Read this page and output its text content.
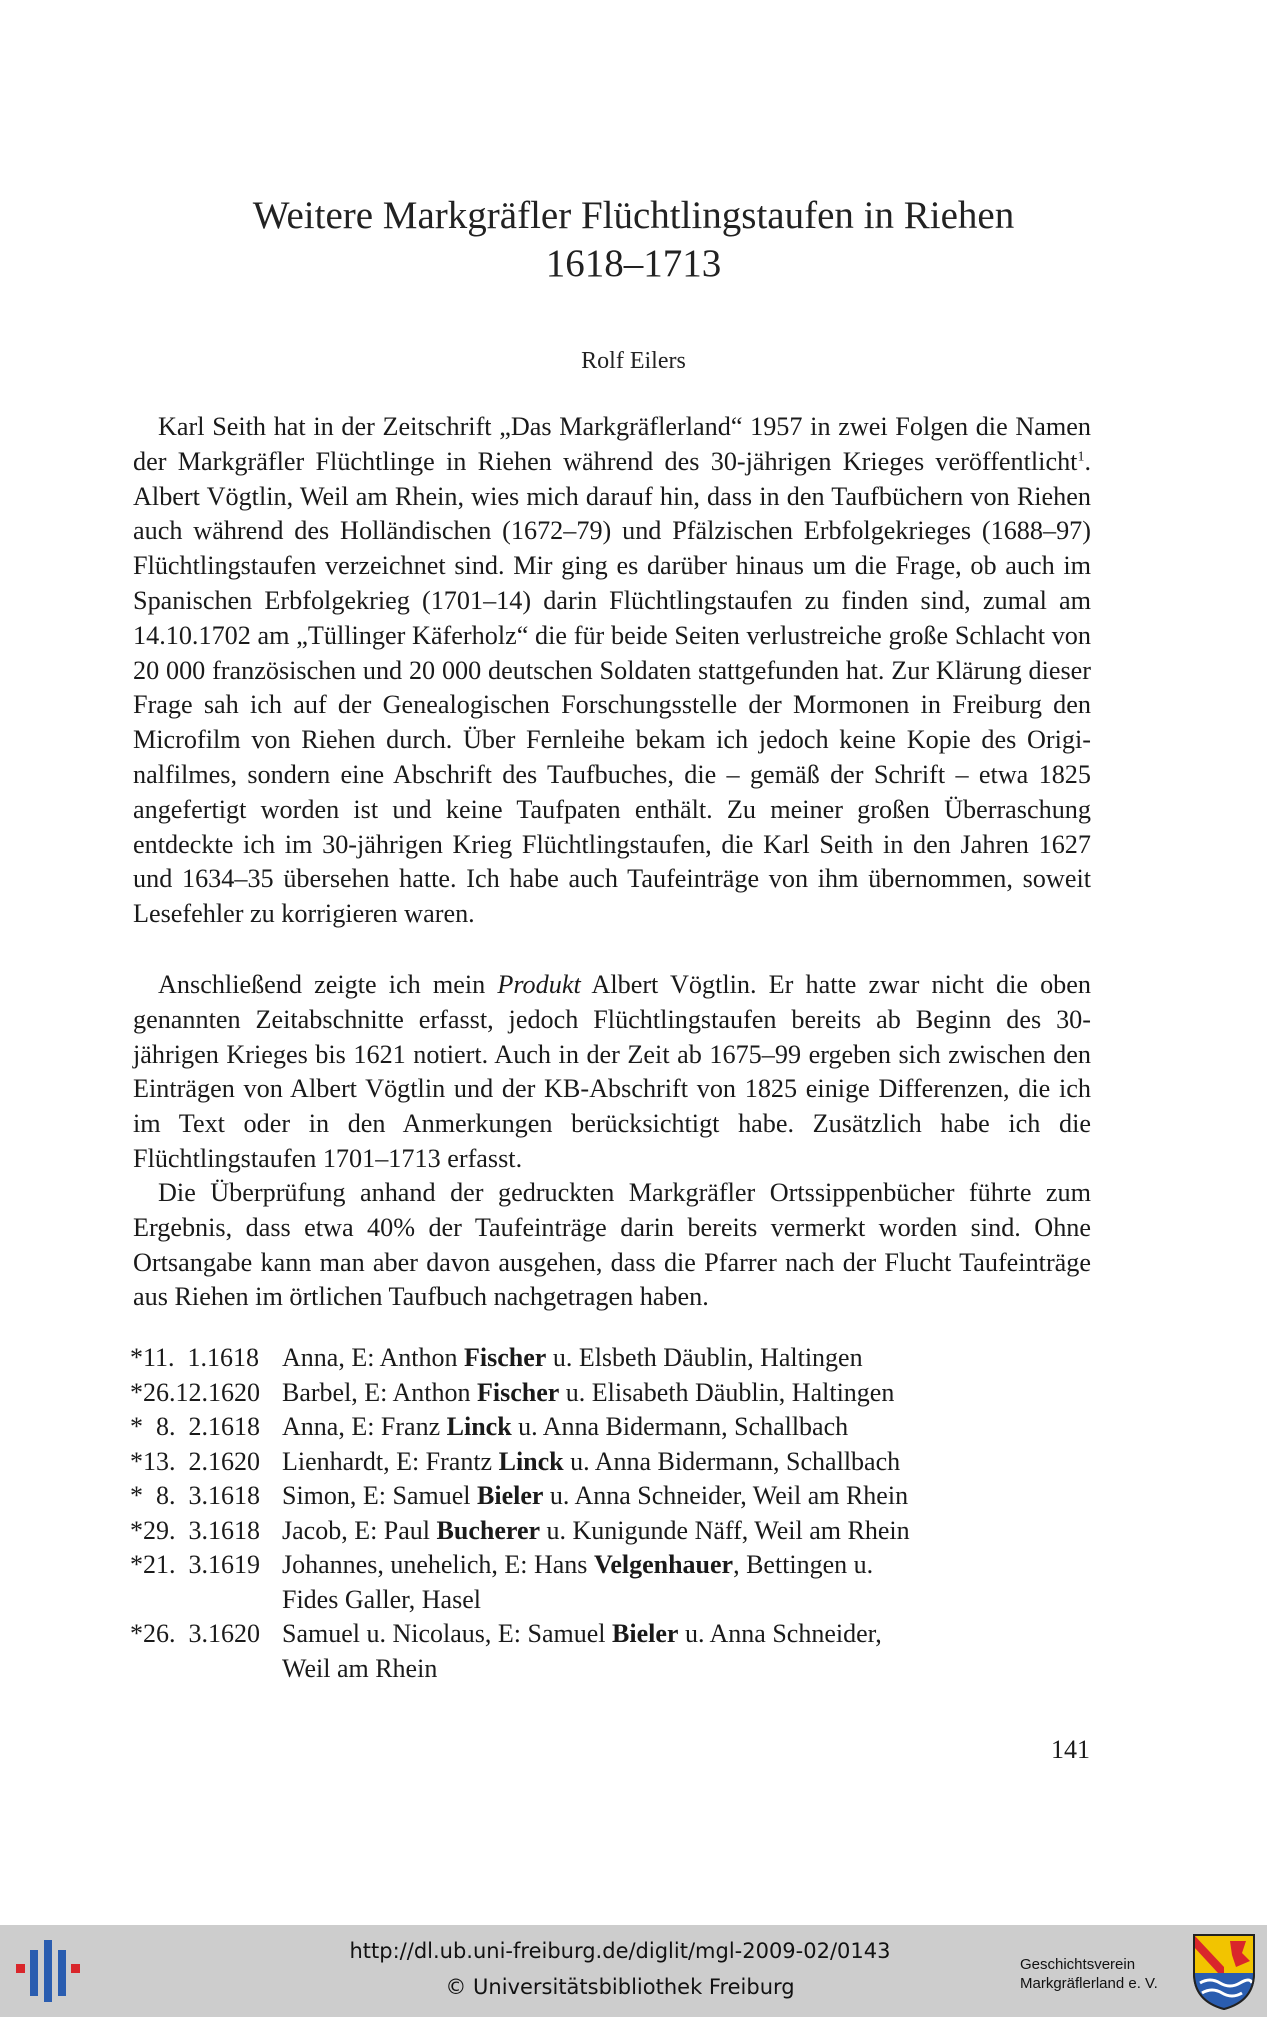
Weitere Markgräfler Flüchtlingstaufen in Riehen
1618–1713
Rolf Eilers

Karl Seith hat in der Zeitschrift „Das Markgräflerland“ 1957 in zwei Folgen die Namen der Markgräfler Flüchtlinge in Riehen während des 30-jährigen Krieges veröffentlicht$^1$. Albert Vögtlin, Weil am Rhein, wies mich darauf hin, dass in den Taufbüchern von Riehen auch während des Holländischen (1672–79) und Pfälzischen Erbfolgekrieges (1688–97) Flüchtlingstaufen verzeichnet sind. Mir ging es darüber hinaus um die Frage, ob auch im Spanischen Erbfolgekrieg (1701–14) darin Flüchtlingstaufen zu finden sind, zumal am 14.10.1702 am „Tüllinger Käferholz“ die für beide Seiten verlustreiche große Schlacht von 20 000 französischen und 20 000 deutschen Soldaten stattgefunden hat. Zur Klärung dieser Frage sah ich auf der Genealogischen Forschungsstelle der Mormonen in Freiburg den Microfilm von Riehen durch. Über Fernleihe bekam ich jedoch keine Kopie des Originalfilmes, sondern eine Abschrift des Taufbuches, die – gemäß der Schrift – etwa 1825 angefertigt worden ist und keine Taufpaten enthält. Zu meiner großen Überraschung entdeckte ich im 30-jährigen Krieg Flüchtlingstaufen, die Karl Seith in den Jahren 1627 und 1634–35 übersehen hatte. Ich habe auch Taufeinträge von ihm übernommen, soweit Lesefehler zu korrigieren waren.

Anschließend zeigte ich mein Produkt Albert Vögtlin. Er hatte zwar nicht die oben genannten Zeitabschnitte erfasst, jedoch Flüchtlingstaufen bereits ab Beginn des 30-jährigen Krieges bis 1621 notiert. Auch in der Zeit ab 1675–99 ergeben sich zwischen den Einträgen von Albert Vögtlin und der KB-Abschrift von 1825 einige Differenzen, die ich im Text oder in den Anmerkungen berücksichtigt habe. Zusätzlich habe ich die Flüchtlingstaufen 1701–1713 erfasst.

Die Überprüfung anhand der gedruckten Markgräfler Ortssippenbücher führte zum Ergebnis, dass etwa 40% der Taufeinträge darin bereits vermerkt worden sind. Ohne Ortsangabe kann man aber davon ausgehen, dass die Pfarrer nach der Flucht Taufeinträge aus Riehen im örtlichen Taufbuch nachgetragen haben.

*11.  1.1618 Anna, E: Anthon Fischer u. Elsbeth Däublin, Haltingen
*26.12.1620 Barbel, E: Anthon Fischer u. Elisabeth Däublin, Haltingen
*  8.  2.1618 Anna, E: Franz Linck u. Anna Bidermann, Schallbach
*13.  2.1620 Lienhardt, E: Frantz Linck u. Anna Bidermann, Schallbach
*  8.  3.1618 Simon, E: Samuel Bieler u. Anna Schneider, Weil am Rhein
*29.  3.1618 Jacob, E: Paul Bucherer u. Kunigunde Näff, Weil am Rhein
*21.  3.1619 Johannes, unehelich, E: Hans Velgenhauer, Bettingen u.
Fides Galler, Hasel
*26.  3.1620 Samuel u. Nicolaus, E: Samuel Bieler u. Anna Schneider,
Weil am Rhein
141
http://dl.ub.uni-freiburg.de/diglit/mgl-2009-02/0143
© Universitätsbibliothek Freiburg
Geschichtsverein
Markgräflerland e. V.
